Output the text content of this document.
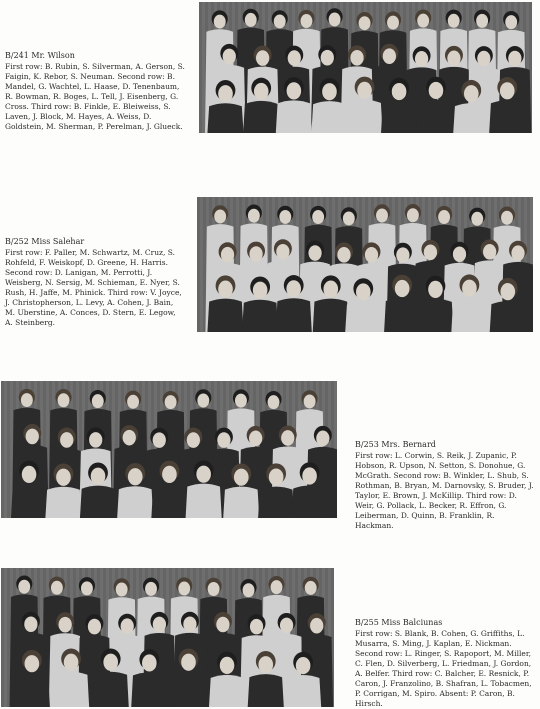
B/241 Mr. Wilson
First row: B. Rubin, S. Silverman, A. Gerson, S. Faigin, K. Rebor, S. Neuman. Second row: B. Mandel, G. Wachtel, L. Haase, D. Tenenbaum, R. Bowman, R. Boges, L. Tell, J. Eisenberg, G. Cross. Third row: B. Finkle, E. Bleiweiss, S. Laven, J. Block, M. Hayes, A. Weiss, D. Goldstein, M. Sherman, P. Perelman, J. Glueck.
B/252 Miss Salehar
First row: F. Paller, M. Schwartz, M. Cruz, S. Rohfeld, F. Weiskopf, D. Greene, H. Harris. Second row: D. Lanigan, M. Perrotti, J. Weisberg, N. Sersig, M. Schieman, E. Nyer, S. Rush, H. Jaffe, M. Phinick. Third row: V. Joyce, J. Christopherson, L. Levy, A. Cohen, J. Bain, M. Uberstine, A. Conces, D. Stern, E. Legow, A. Steinberg.
B/253 Mrs. Bernard
First row: L. Corwin, S. Reik, J. Zupanic, P. Hobson, R. Upson, N. Setton, S. Donohue, G. McGrath. Second row: B. Winkler, L. Shub, S. Rothman, B. Bryan, M. Darnovsky, S. Bruder, J. Taylor, E. Brown, J. McKillip. Third row: D. Weir, G. Pollack, L. Becker, R. Effron, G. Leiberman, D. Quinn, B. Franklin, R. Hackman.
B/255 Miss Balciunas
First row: S. Blank, B. Cohen, G. Griffiths, L. Musarra, S. Ming, J. Kaplan, E. Nickman. Second row: L. Ringer, S. Rapoport, M. Miller, C. Flen, D. Silverberg, L. Friedman, J. Gordon, A. Belfer. Third row: C. Balcher, E. Resnick, P. Caron, J. Franzolino, B. Shafran, L. Tobacmen, P. Corrigan, M. Spiro. Absent: P. Caron, B. Hirsch.
